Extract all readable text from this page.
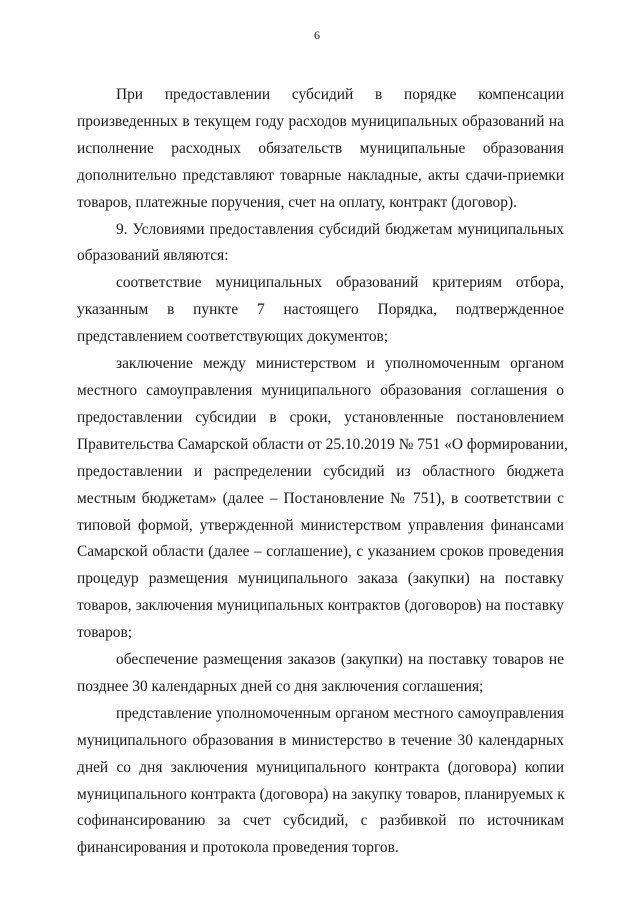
6
При предоставлении субсидий в порядке компенсации
произведенных в текущем году расходов муниципальных образований на
исполнение расходных обязательств муниципальные образования
дополнительно представляют товарные накладные, акты сдачи-приемки
товаров, платежные поручения, счет на оплату, контракт (договор).
9. Условиями предоставления субсидий бюджетам муниципальных
образований являются:
соответствие муниципальных образований критериям отбора,
указанным в пункте 7 настоящего Порядка, подтвержденное
представлением соответствующих документов;
заключение между министерством и уполномоченным органом
местного самоуправления муниципального образования соглашения о
предоставлении субсидии в сроки, установленные постановлением
Правительства Самарской области от 25.10.2019 № 751 «О формировании,
предоставлении и распределении субсидий из областного бюджета
местным бюджетам» (далее – Постановление № 751), в соответствии с
типовой формой, утвержденной министерством управления финансами
Самарской области (далее – соглашение), с указанием сроков проведения
процедур размещения муниципального заказа (закупки) на поставку
товаров, заключения муниципальных контрактов (договоров) на поставку
товаров;
обеспечение размещения заказов (закупки) на поставку товаров не
позднее 30 календарных дней со дня заключения соглашения;
представление уполномоченным органом местного самоуправления
муниципального образования в министерство в течение 30 календарных
дней со дня заключения муниципального контракта (договора) копии
муниципального контракта (договора) на закупку товаров, планируемых к
софинансированию за счет субсидий, с разбивкой по источникам
финансирования и протокола проведения торгов.
